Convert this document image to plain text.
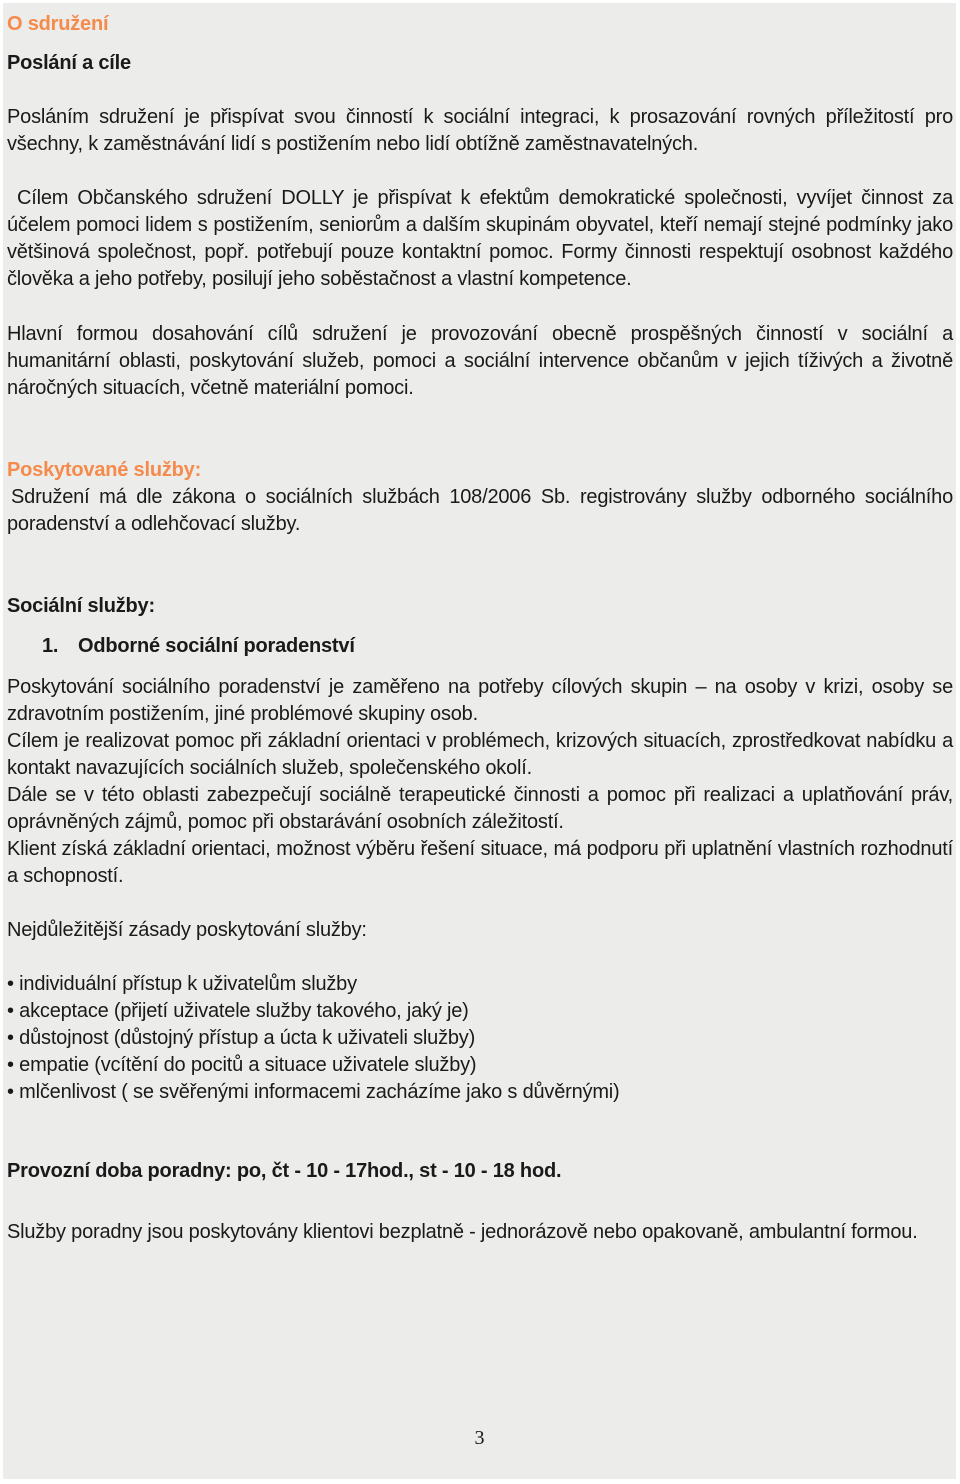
O sdružení
Poslání a cíle

Posláním sdružení je přispívat svou činností k sociální integraci, k prosazování rovných příležitostí pro všechny, k zaměstnávání lidí s postižením nebo lidí obtížně zaměstnavatelných.

Cílem Občanského sdružení DOLLY je přispívat k efektům demokratické společnosti, vyvíjet činnost za účelem pomoci lidem s postižením, seniorům a dalším skupinám obyvatel, kteří nemají stejné podmínky jako většinová společnost, popř. potřebují pouze kontaktní pomoc. Formy činnosti respektují osobnost každého člověka a jeho potřeby, posilují jeho soběstačnost a vlastní kompetence.

Hlavní formou dosahování cílů sdružení je provozování obecně prospěšných činností v sociální a humanitární oblasti, poskytování služeb, pomoci a sociální intervence občanům v jejich tíživých a životně náročných situacích, včetně materiální pomoci.

Poskytované služby:

Sdružení má dle zákona o sociálních službách 108/2006 Sb. registrovány služby odborného sociálního poradenství a odlehčovací služby.

Sociální služby:
1. Odborné sociální poradenství

Poskytování sociálního poradenství je zaměřeno na potřeby cílových skupin – na osoby v krizi, osoby se zdravotním postižením, jiné problémové skupiny osob.

Cílem je realizovat pomoc při základní orientaci v problémech, krizových situacích, zprostředkovat nabídku a kontakt navazujících sociálních služeb, společenského okolí.

Dále se v této oblasti zabezpečují sociálně terapeutické činnosti a pomoc při realizaci a uplatňování práv, oprávněných zájmů, pomoc při obstarávání osobních záležitostí.

Klient získá základní orientaci, možnost výběru řešení situace, má podporu při uplatnění vlastních rozhodnutí a schopností.

Nejdůležitější zásady poskytování služby:
• individuální přístup k uživatelům služby
• akceptace (přijetí uživatele služby takového, jaký je)
• důstojnost (důstojný přístup a úcta k uživateli služby)
• empatie (vcítění do pocitů a situace uživatele služby)
• mlčenlivost ( se svěřenými informacemi zacházíme jako s důvěrnými)
Provozní doba poradny: po, čt - 10 - 17hod., st - 10 - 18 hod.
Služby poradny jsou poskytovány klientovi bezplatně - jednorázově nebo opakovaně, ambulantní formou.
3
